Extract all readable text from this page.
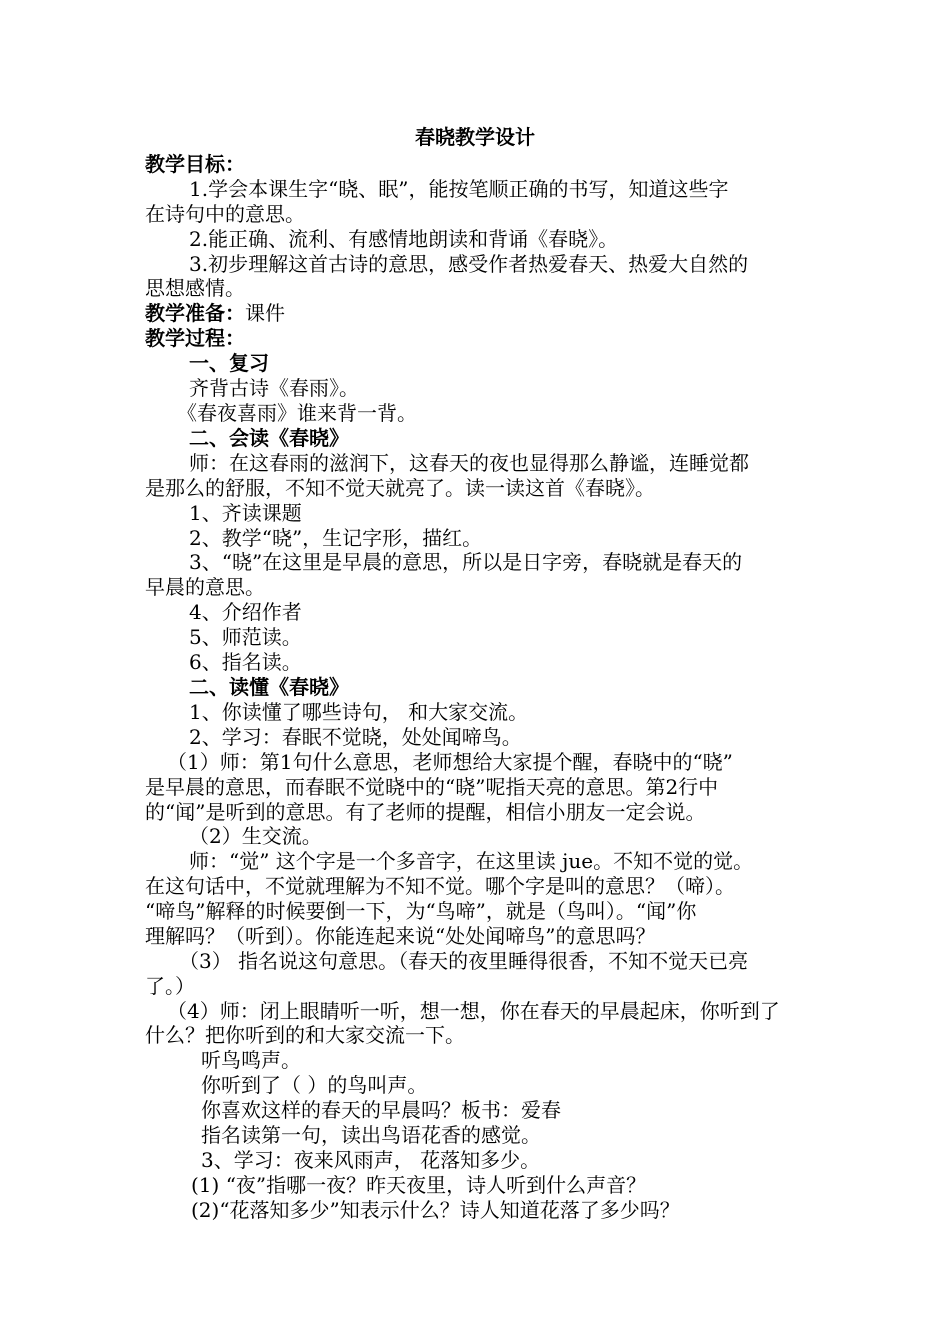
春晓教学设计
教学目标：
1.学会本课生字“晓、眠”，能按笔顺正确的书写，知道这些字
在诗句中的意思。
2.能正确、流利、有感情地朗读和背诵《春晓》。
3.初步理解这首古诗的意思，感受作者热爱春天、热爱大自然的
思想感情。
教学准备：课件
教学过程：
一、复习
齐背古诗《春雨》。
《春夜喜雨》谁来背一背。
二、会读《春晓》
师：在这春雨的滋润下，这春天的夜也显得那么静谧，连睡觉都
是那么的舒服，不知不觉天就亮了。读一读这首《春晓》。
1、齐读课题
2、教学“晓”，生记字形，描红。
3、“晓”在这里是早晨的意思，所以是日字旁，春晓就是春天的
早晨的意思。
4、介绍作者
5、师范读。
6、指名读。
二、读懂《春晓》
1、你读懂了哪些诗句， 和大家交流。
2、学习：春眠不觉晓，处处闻啼鸟。
（1）师：第1句什么意思，老师想给大家提个醒，春晓中的“晓”
是早晨的意思，而春眠不觉晓中的“晓”呢指天亮的意思。第2行中
的“闻”是听到的意思。有了老师的提醒，相信小朋友一定会说。
（2）生交流。
师：“觉” 这个字是一个多音字，在这里读 jue。不知不觉的觉。
在这句话中，不觉就理解为不知不觉。哪个字是叫的意思？（啼）。
“啼鸟”解释的时候要倒一下，为“鸟啼”，就是（鸟叫）。“闻”你
理解吗？（听到）。你能连起来说“处处闻啼鸟”的意思吗？
（3） 指名说这句意思。（春天的夜里睡得很香，不知不觉天已亮
了。）
（4）师：闭上眼睛听一听，想一想，你在春天的早晨起床，你听到了
什么？把你听到的和大家交流一下。
听鸟鸣声。
你听到了（ ）的鸟叫声。
你喜欢这样的春天的早晨吗？板书：爱春
指名读第一句，读出鸟语花香的感觉。
3、学习：夜来风雨声， 花落知多少。
(1) “夜”指哪一夜？昨天夜里，诗人听到什么声音？
(2)“花落知多少”知表示什么？诗人知道花落了多少吗？
